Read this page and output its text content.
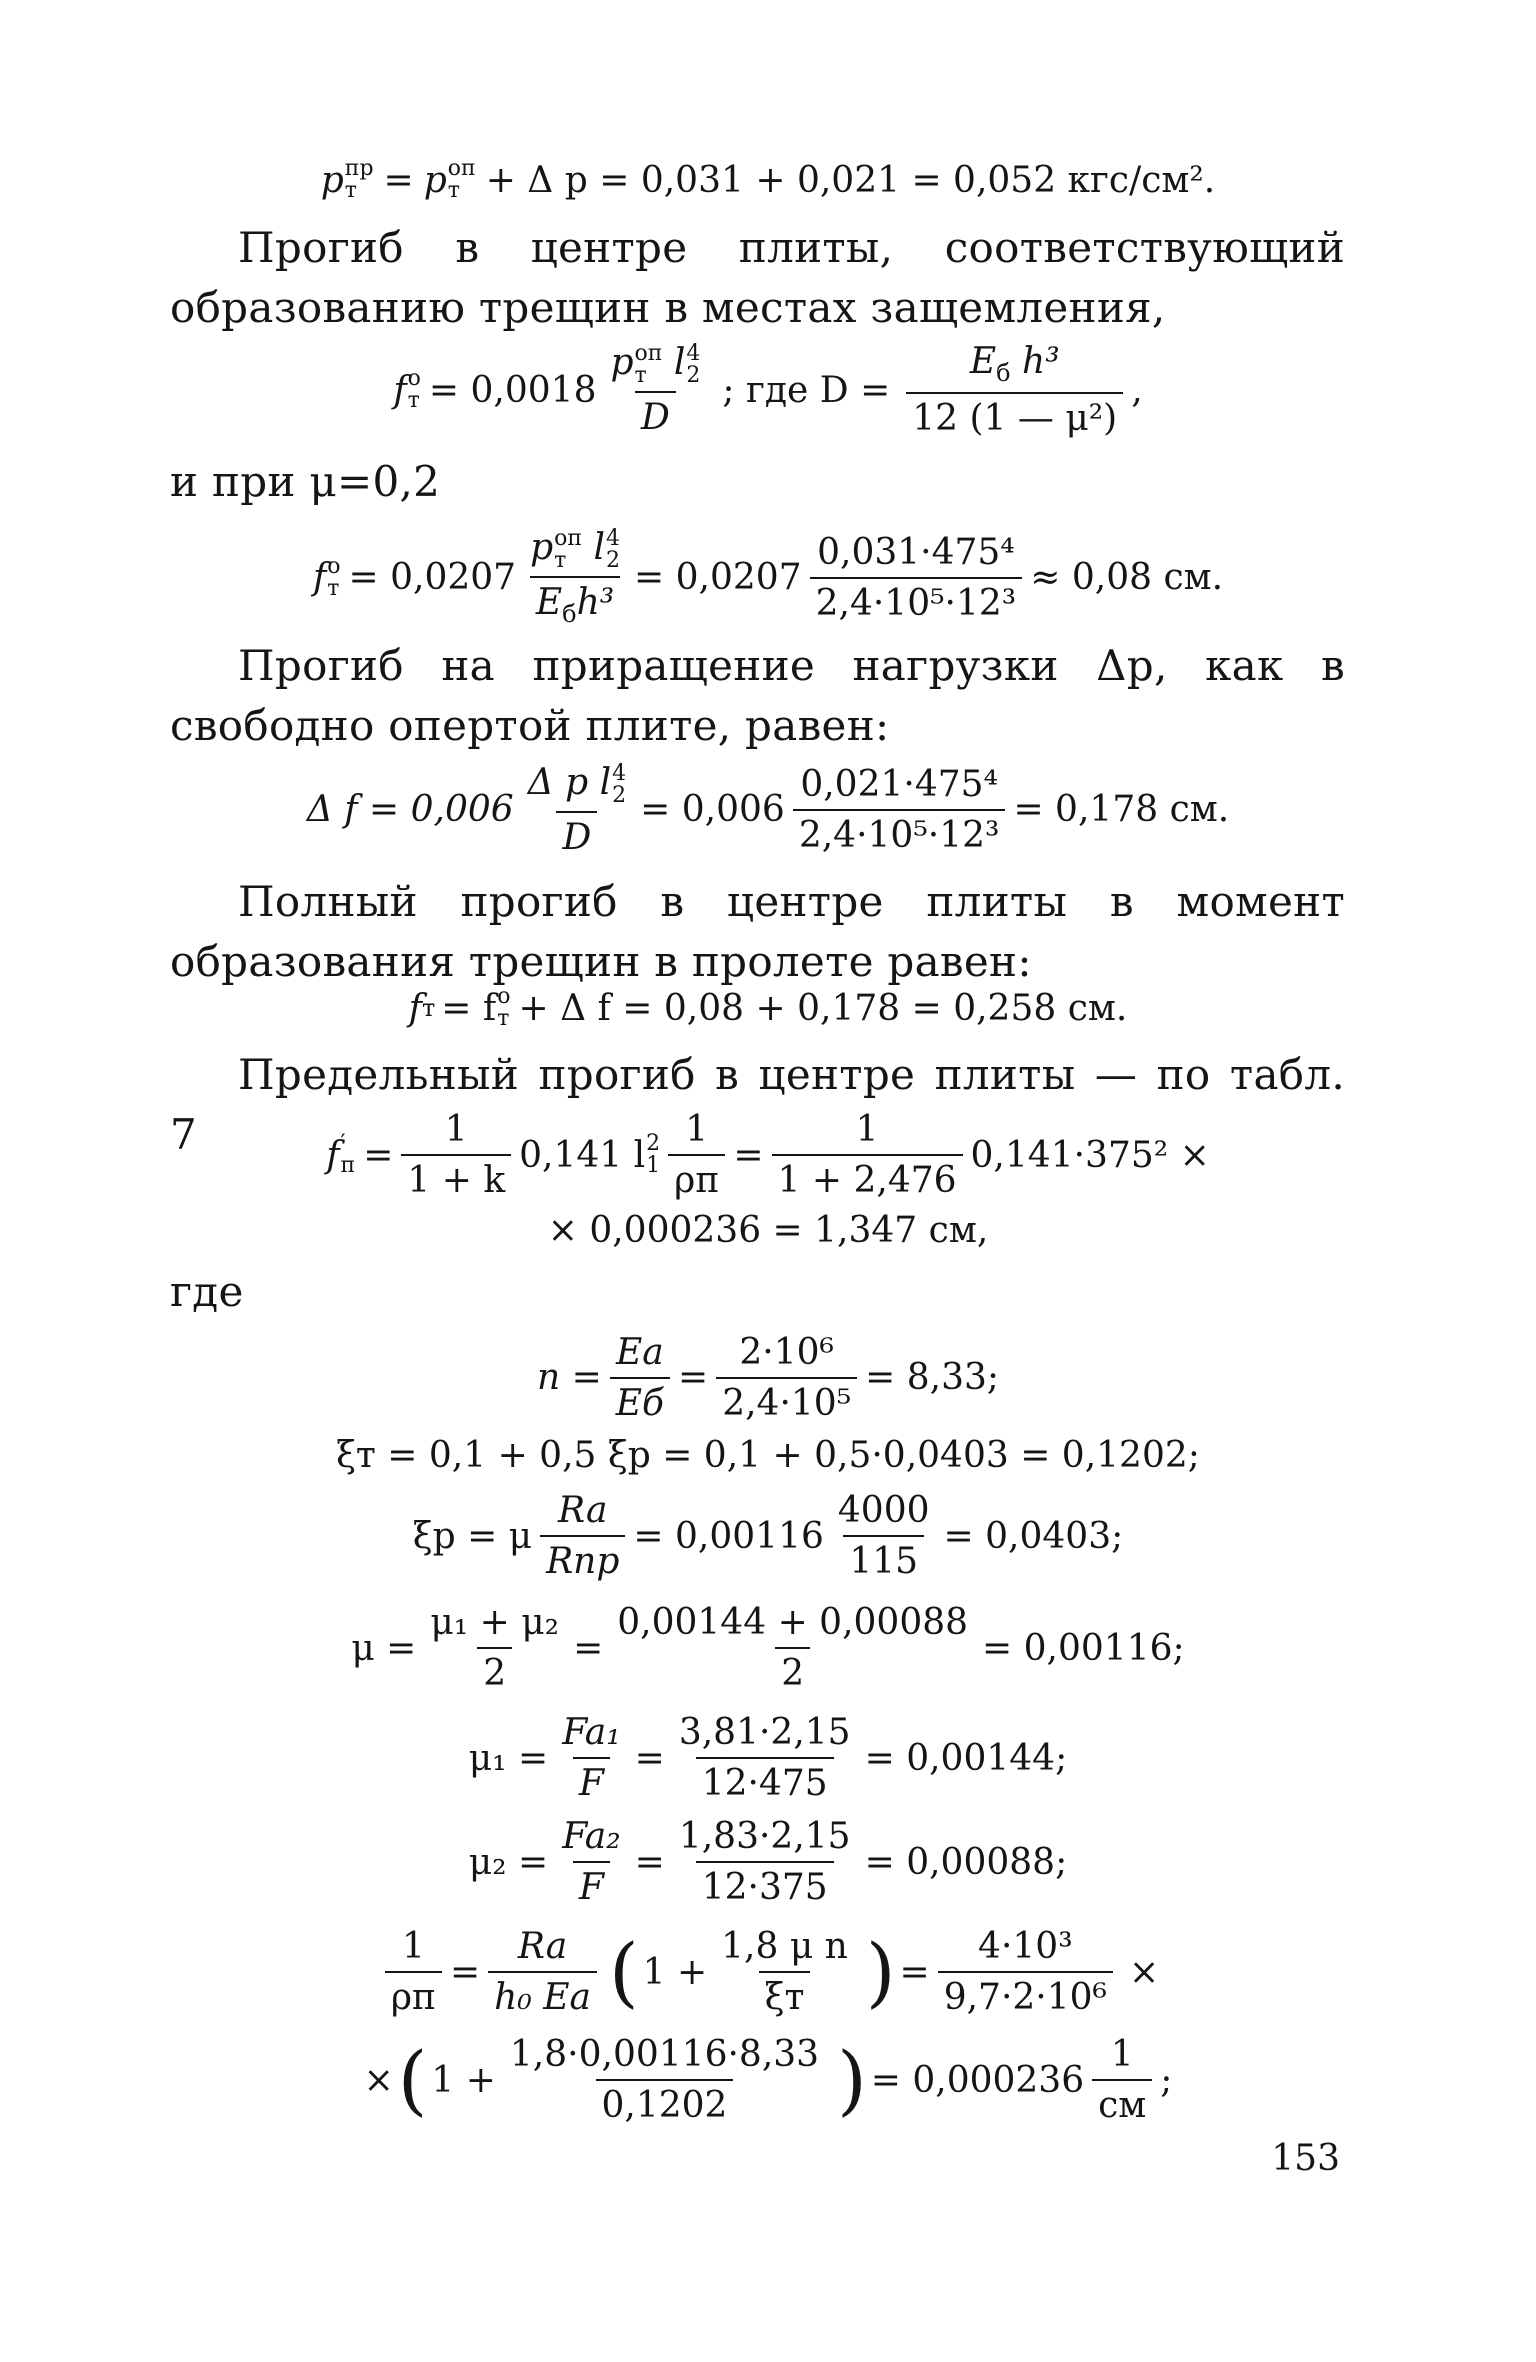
p пр
т = p оп
т + Δ p = 0,031 + 0,021 = 0,052 кгс/см².

Прогиб в центре плиты, соответствующий образованию трещин в местах защемления,

f o
т = 0,0018 p оп
т l 4
2
D ; где $D = \frac{E_б h^3}{\text{12 (1 — μ²)}}$ ,
и при μ=0,2
f o
т = 0,0207 p оп
т l 4
2
$E_бh^3 = 0,0207 \frac{\text{0,031·475⁴}}{\text{2,4·10⁵·12³}} \approx 0,08$ см.

Прогиб на приращение нагрузки Δp, как в свободно опертой плите, равен:

Δ f = 0,006 Δ p l 4
2
$D = 0,006 \frac{\text{0,021·475⁴}}{\text{2,4·10⁵·12³}} = 0,178$ см.

Полный прогиб в центре плиты в момент образования трещин в пролете равен:

f т = f o
т + Δ f = 0,08 + 0,178 = 0,258 см.

Предельный прогиб в центре плиты — по табл. 7	f ′
$п = \frac{1}{1 + k} 0,141$ l 2
$1 \frac{1}{\rho п} = \frac{1}{1 + 2,476} 0,141\cdot 375^2$ ×
× 0,000236 = 1,347 см,
где
$n = \frac{Ea}{Eб} = \frac{\text{2·10⁶}}{\text{2,4·10⁵}} = 8,33$;
ξт = 0,1 + 0,5 ξр = 0,1 + 0,5·0,0403 = 0,1202;
ξр = μ $\frac{Ra}{\text{Rпр}} = 0,00116 \frac{4000}{115} = 0,0403$;
$\mu = \frac{\text{μ₁ + μ₂}}{2} = \frac{0,00144 + 0,00088}{2} = 0,00116$;
$\mu_1 = \frac{\text{Fa₁}}{F} = \frac{3,81\cdot 2,15}{12\cdot 475} = 0,00144$;
$\mu_2 = \frac{\text{Fa₂}}{F} = \frac{1,83\cdot 2,15}{12\cdot 375} = 0,00088$;
$\frac{1}{\rho п} = \frac{Ra}{\text{h₀ Ea}}$ ( $1 + \frac{\text{1,8 μ n}}{\xi т}$ ) = $\frac{\text{4·10³}}{\text{9,7·2·10⁶}}$ ×
× ( $1 + \frac{1,8\cdot 0,00116\cdot 8,33}{0,1202}$ ) = $0,000236 \frac{1}{см}$ ;
153
